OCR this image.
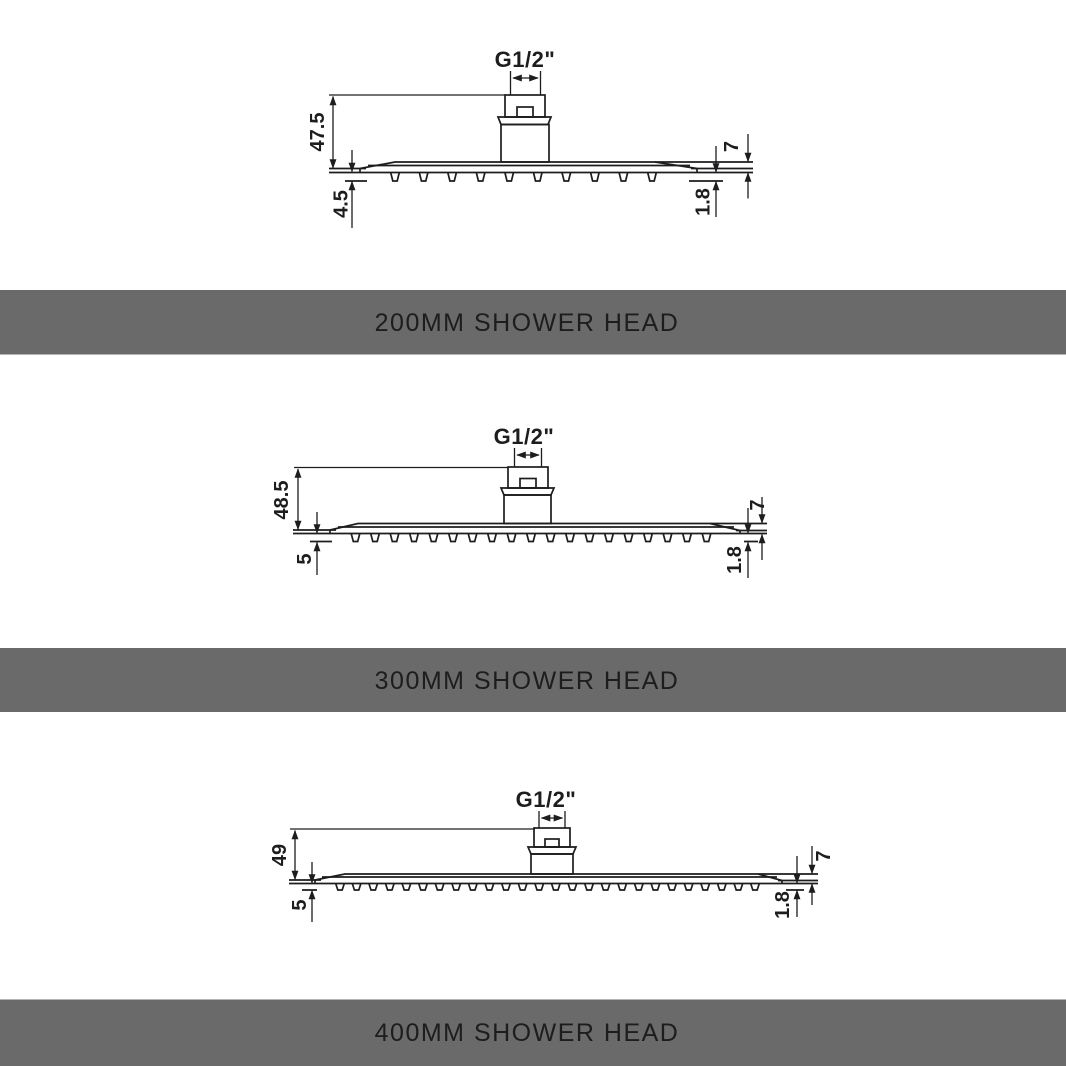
G1/2"
47.5
4.5
7
1.8
200MM SHOWER HEAD
G1/2"
48.5
5
7
1.8
300MM SHOWER HEAD
G1/2"
49
5
7
1.8
400MM SHOWER HEAD
